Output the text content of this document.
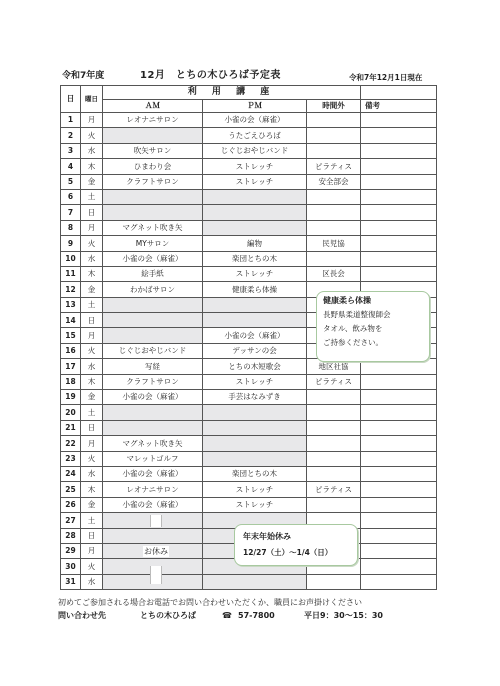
令和7年度	12月　とちの木ひろば予定表	令和7年12月1日現在
日	曜日	利 用 講 座			
		ＡＭ	ＰＭ	時間外	備考
1	月	レオナニサロン	小雀の会（麻雀）		
2	火		うたごえひろば		
3	水	吹矢サロン	じぐじおやじバンド		
4	木	ひまわり会	ストレッチ	ピラティス	
5	金	クラフトサロン	ストレッチ	安全部会	
6	土				
7	日				
8	月	マグネット吹き矢			
9	火	MYサロン	編物	民児協	
10	水	小雀の会（麻雀）	楽団とちの木		
11	木	絵手紙	ストレッチ	区長会	
12	金	わかばサロン	健康柔ら体操		
13	土				
14	日				
15	月		小雀の会（麻雀）		
16	火	じぐじおやじバンド	デッサンの会		
17	水	写経	とちの木短歌会	地区社協	
18	木	クラフトサロン	ストレッチ	ピラティス	
19	金	小雀の会（麻雀）	手芸はなみずき		
20	土				
21	日				
22	月	マグネット吹き矢			
23	火	マレットゴルフ			
24	水	小雀の会（麻雀）	楽団とちの木		
25	木	レオナニサロン	ストレッチ	ピラティス	
26	金	小雀の会（麻雀）	ストレッチ		
27	土				
28	日				
29	月				
30	火				
31	水				
健康柔ら体操
長野県柔道整復師会
タオル、飲み物を
ご持参ください。
お休み
年末年始休み
12/27（土）～1/4（日）
初めてご参加される場合お電話でお問い合わせいただくか、職員にお声掛けください
問い合わせ先	とちの木ひろば	☎ 57-7800	平日9：30～15：30
